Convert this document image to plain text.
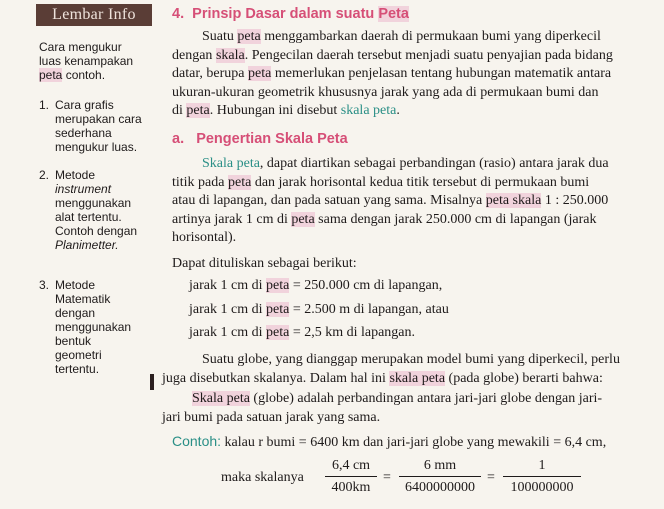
Lembar Info
Cara mengukur
luas kenampakan
peta contoh.
1. Cara grafis
merupakan cara
sederhana
mengukur luas.
2. Metode
instrument
menggunakan
alat tertentu.
Contoh dengan
Planimetter.
3. Metode
Matematik
dengan
menggunakan
bentuk
geometri
tertentu.
4. Prinsip Dasar dalam suatu Peta
Suatu peta menggambarkan daerah di permukaan bumi yang diperkecil
dengan skala. Pengecilan daerah tersebut menjadi suatu penyajian pada bidang
datar, berupa peta memerlukan penjelasan tentang hubungan matematik antara
ukuran-ukuran geometrik khususnya jarak yang ada di permukaan bumi dan
di peta. Hubungan ini disebut skala peta.
a. Pengertian Skala Peta
Skala peta, dapat diartikan sebagai perbandingan (rasio) antara jarak dua
titik pada peta dan jarak horisontal kedua titik tersebut di permukaan bumi
atau di lapangan, dan pada satuan yang sama. Misalnya peta skala 1 : 250.000
artinya jarak 1 cm di peta sama dengan jarak 250.000 cm di lapangan (jarak
horisontal).
Dapat dituliskan sebagai berikut:
jarak 1 cm di peta = 250.000 cm di lapangan,
jarak 1 cm di peta = 2.500 m di lapangan, atau
jarak 1 cm di peta = 2,5 km di lapangan.
Suatu globe, yang dianggap merupakan model bumi yang diperkecil, perlu
juga disebutkan skalanya. Dalam hal ini skala peta (pada globe) berarti bahwa:
Skala peta (globe) adalah perbandingan antara jari-jari globe dengan jari-
jari bumi pada satuan jarak yang sama.
Contoh: kalau r bumi = 6400 km dan jari-jari globe yang mewakili = 6,4 cm,
maka skalanya $\frac{6,4 cm}{400km} = \frac{6 mm}{6400000000} = \frac{1}{100000000}$
